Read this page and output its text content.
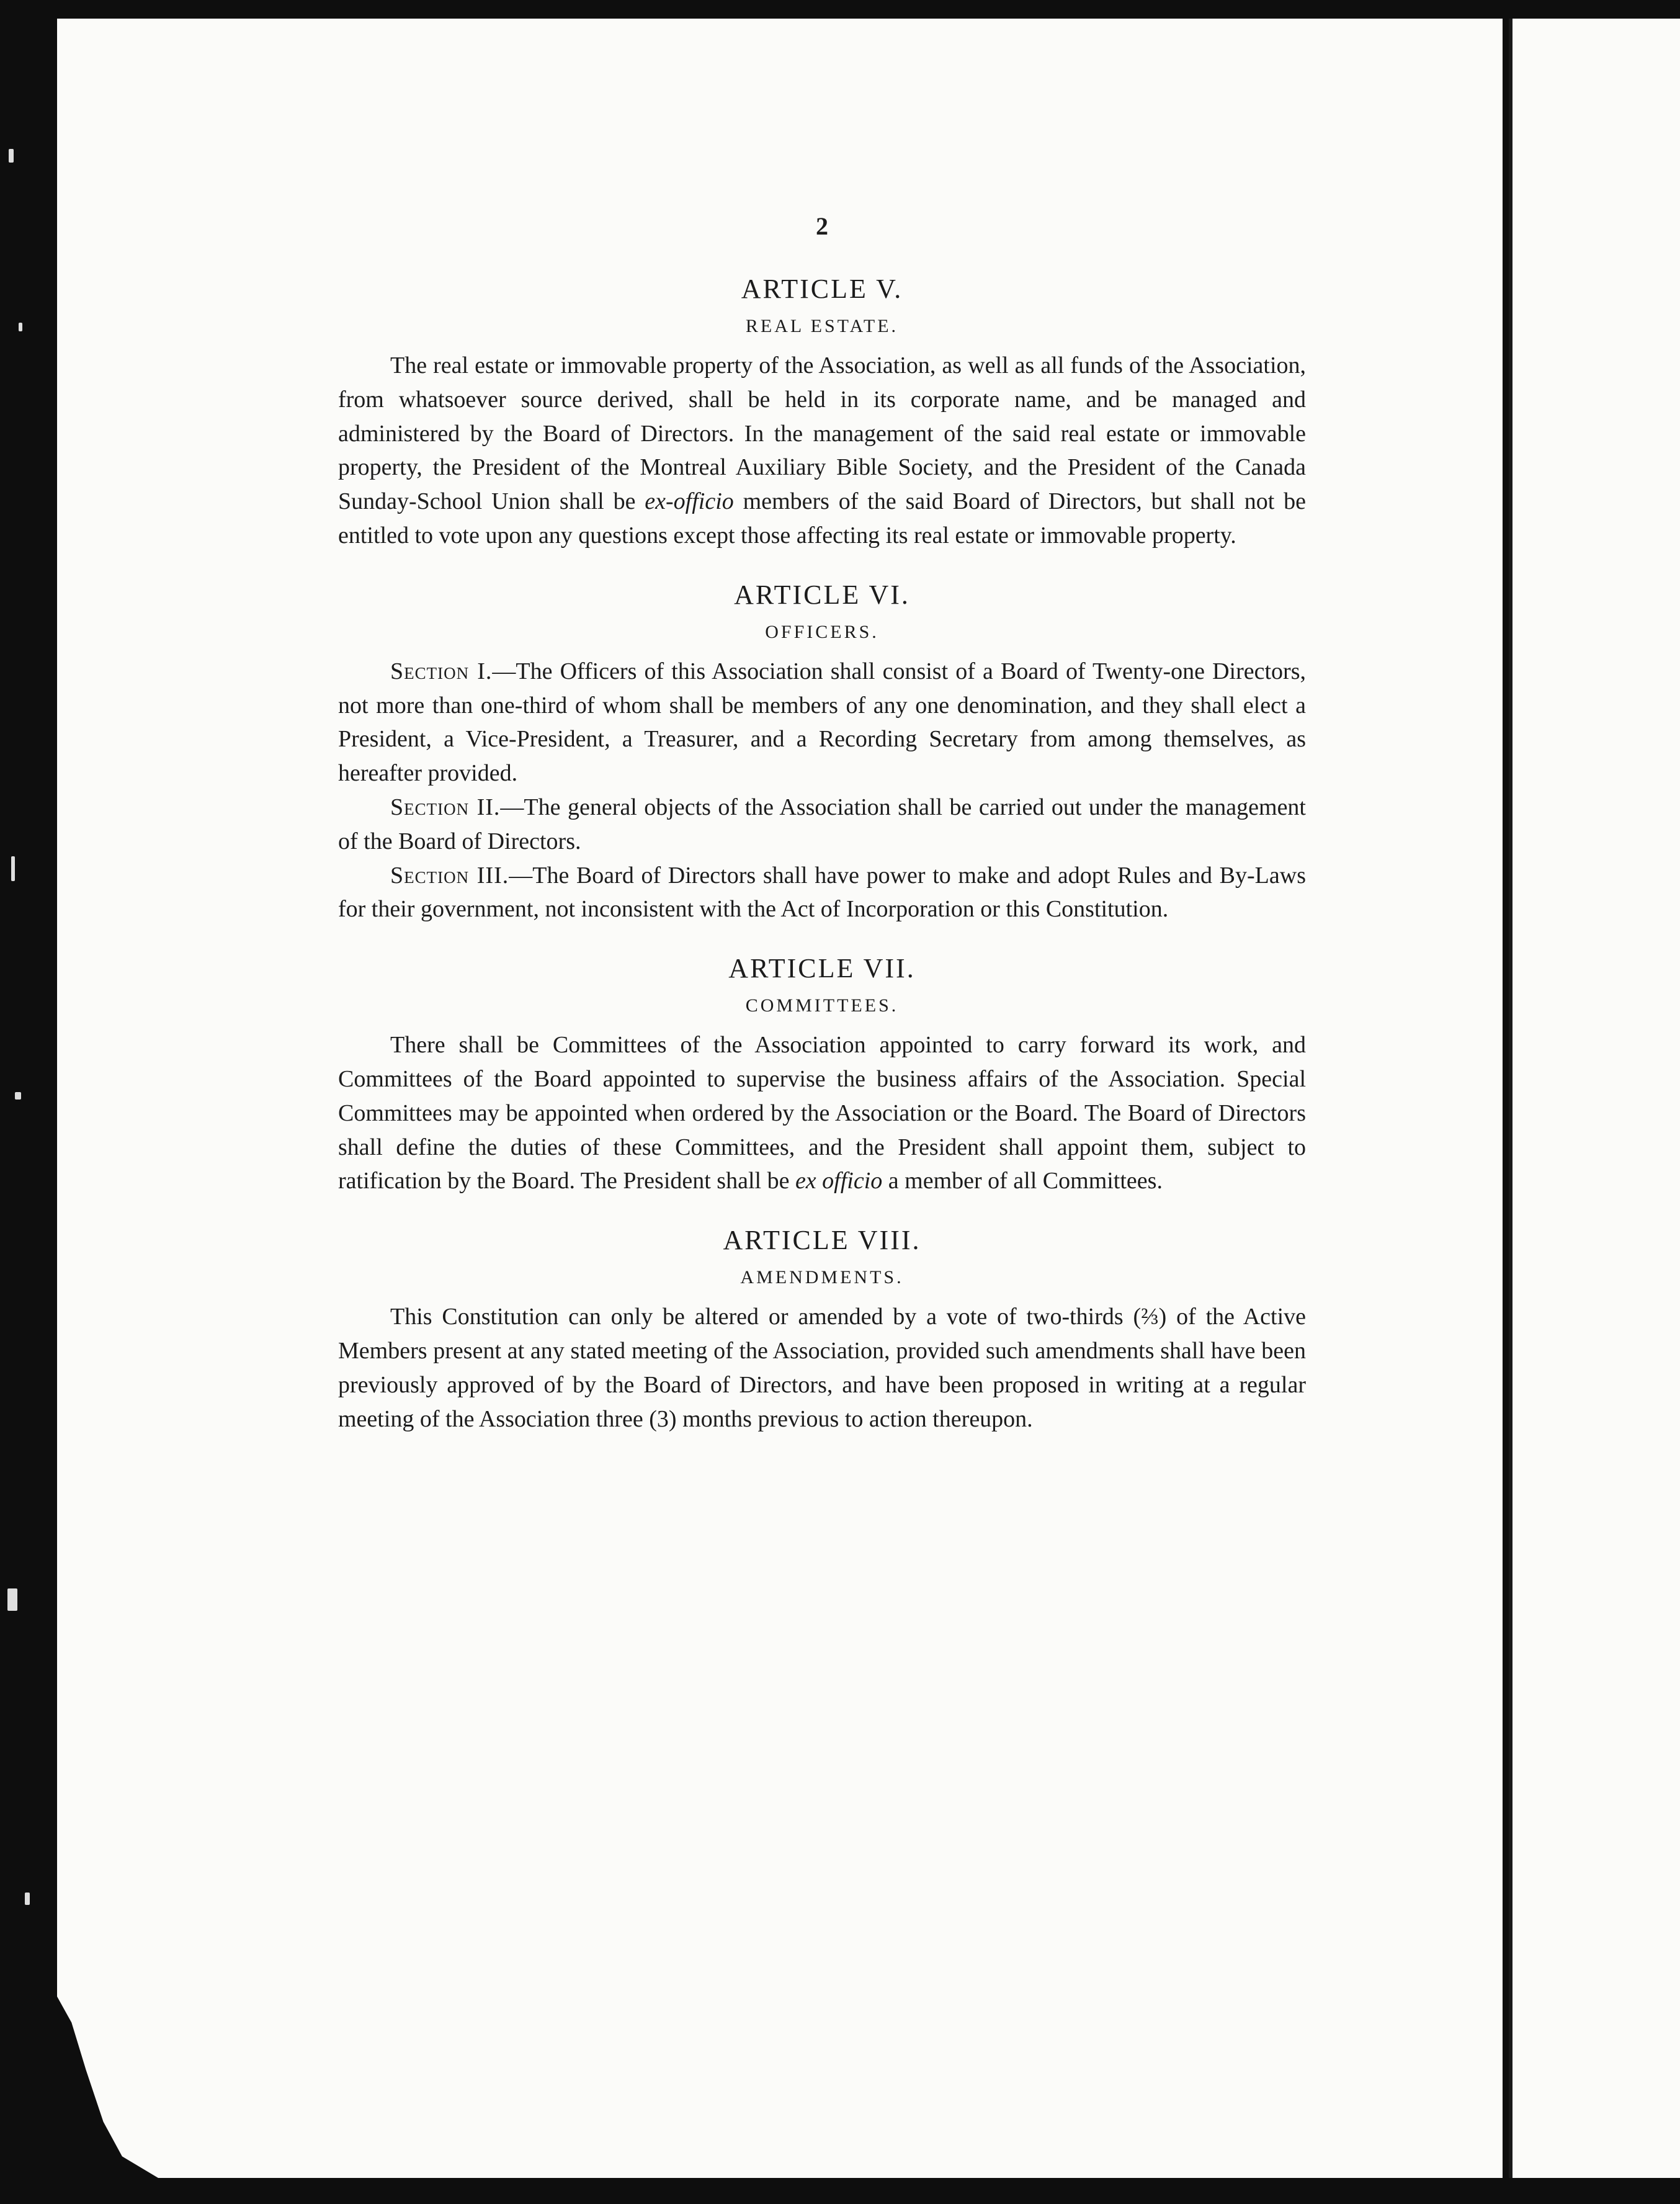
2
ARTICLE V.
REAL ESTATE.

The real estate or immovable property of the Association, as well as all funds of the Association, from whatsoever source derived, shall be held in its corporate name, and be managed and administered by the Board of Directors. In the management of the said real estate or immovable property, the President of the Montreal Auxiliary Bible Society, and the President of the Canada Sunday-School Union shall be ex-officio members of the said Board of Directors, but shall not be entitled to vote upon any questions except those affecting its real estate or immovable property.

ARTICLE VI.
OFFICERS.

Section I.—The Officers of this Association shall consist of a Board of Twenty-one Directors, not more than one-third of whom shall be members of any one denomination, and they shall elect a President, a Vice-President, a Treasurer, and a Recording Secretary from among themselves, as hereafter provided.

Section II.—The general objects of the Association shall be carried out under the management of the Board of Directors.

Section III.—The Board of Directors shall have power to make and adopt Rules and By-Laws for their government, not inconsistent with the Act of Incorporation or this Constitution.

ARTICLE VII.
COMMITTEES.

There shall be Committees of the Association appointed to carry forward its work, and Committees of the Board appointed to supervise the business affairs of the Association. Special Committees may be appointed when ordered by the Association or the Board. The Board of Directors shall define the duties of these Committees, and the President shall appoint them, subject to ratification by the Board. The President shall be ex officio a member of all Committees.

ARTICLE VIII.
AMENDMENTS.

This Constitution can only be altered or amended by a vote of two-thirds (⅔) of the Active Members present at any stated meeting of the Association, provided such amendments shall have been previously approved of by the Board of Directors, and have been proposed in writing at a regular meeting of the Association three (3) months previous to action thereupon.
